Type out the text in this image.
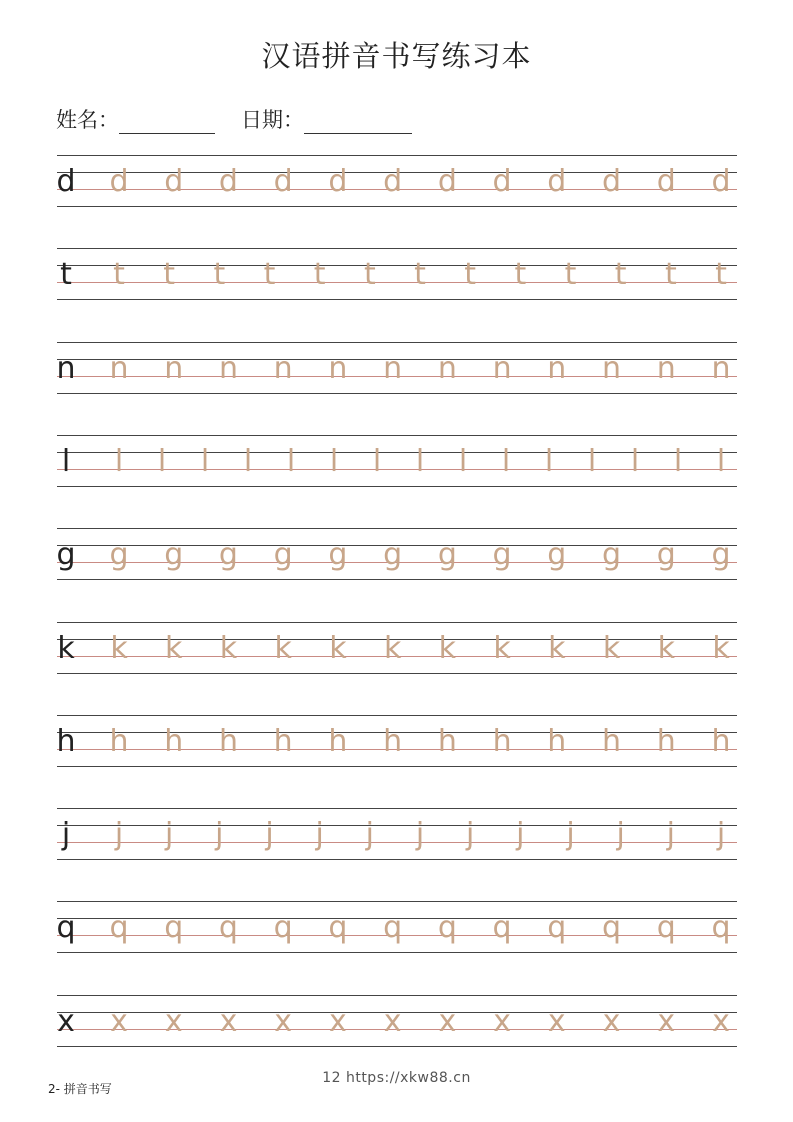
汉语拼音书写练习本
姓名：	日期：
d d d d d d d d d d d d d
t t t t t t t t t t t t t t
n n n n n n n n n n n n n
l l l l l l l l l l l l l l l l
g g g g g g g g g g g g g
k k k k k k k k k k k k k
h h h h h h h h h h h h h
j j j j j j j j j j j j j j
q q q q q q q q q q q q q
x x x x x x x x x x x x x
2- 拼音书写
12 https://xkw88.cn
